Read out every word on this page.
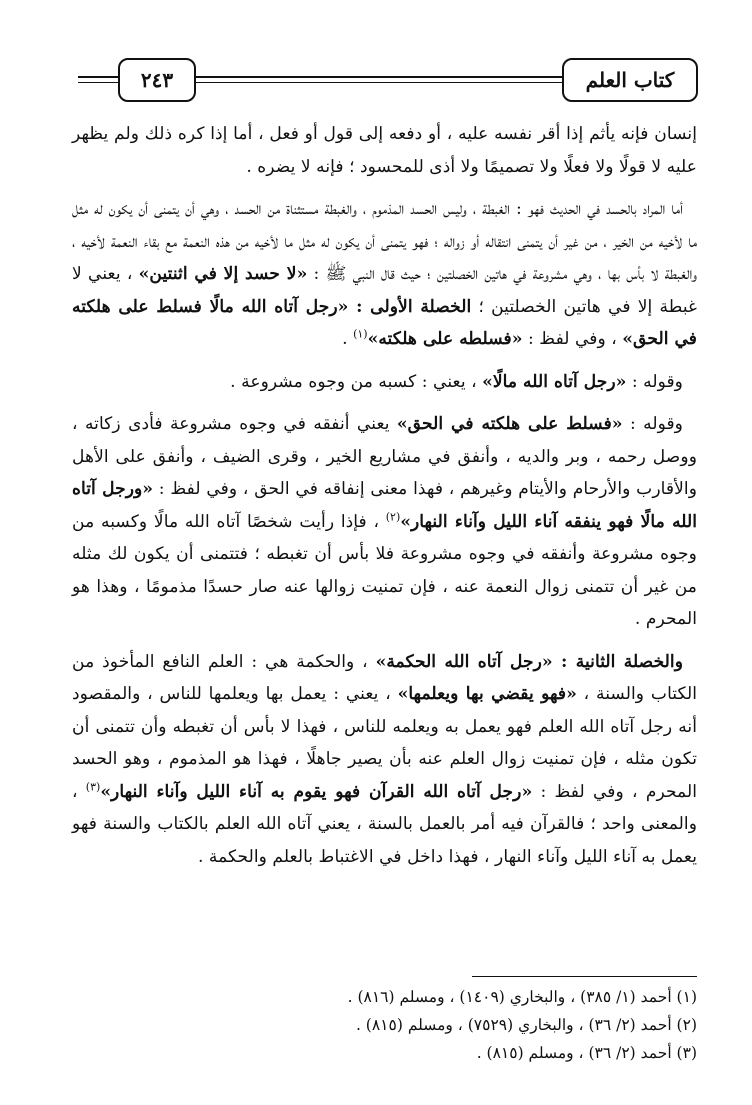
كتاب العلم
٢٤٣

إنسان فإنه يأثم إذا أقر نفسه عليه ، أو دفعه إلى قول أو فعل ، أما إذا كره ذلك ولم يظهر عليه لا قولًا ولا فعلًا ولا تصميمًا ولا أذى للمحسود ؛ فإنه لا يضره .

أما المراد بالحسد في الحديث فهو : الغبطة ، وليس الحسد المذموم ، والغبطة مستثناة من الحسد ، وهي أن يتمنى أن يكون له مثل ما لأخيه من الخير ، من غير أن يتمنى انتقاله أو زواله ؛ فهو يتمنى أن يكون له مثل ما لأخيه من هذه النعمة مع بقاء النعمة لأخيه ، والغبطة لا بأس بها ، وهي مشروعة في هاتين الخصلتين ؛ حيث قال النبي ﷺ : «لا حسد إلا في اثنتين» ، يعني لا غبطة إلا في هاتين الخصلتين ؛ الخصلة الأولى : «رجل آتاه الله مالًا فسلط على هلكته في الحق» ، وفي لفظ : «فسلطه على هلكته»$^{(١)}$ .

وقوله : «رجل آتاه الله مالًا» ، يعني : كسبه من وجوه مشروعة .

وقوله : «فسلط على هلكته في الحق» يعني أنفقه في وجوه مشروعة فأدى زكاته ، ووصل رحمه ، وبر والديه ، وأنفق في مشاريع الخير ، وقرى الضيف ، وأنفق على الأهل والأقارب والأرحام والأيتام وغيرهم ، فهذا معنى إنفاقه في الحق ، وفي لفظ : «ورجل آتاه الله مالًا فهو ينفقه آناء الليل وآناء النهار»$^{(٢)}$ ، فإذا رأيت شخصًا آتاه الله مالًا وكسبه من وجوه مشروعة وأنفقه في وجوه مشروعة فلا بأس أن تغبطه ؛ فتتمنى أن يكون لك مثله من غير أن تتمنى زوال النعمة عنه ، فإن تمنيت زوالها عنه صار حسدًا مذمومًا ، وهذا هو المحرم .

والخصلة الثانية : «رجل آتاه الله الحكمة» ، والحكمة هي : العلم النافع المأخوذ من الكتاب والسنة ، «فهو يقضي بها ويعلمها» ، يعني : يعمل بها ويعلمها للناس ، والمقصود أنه رجل آتاه الله العلم فهو يعمل به ويعلمه للناس ، فهذا لا بأس أن تغبطه وأن تتمنى أن تكون مثله ، فإن تمنيت زوال العلم عنه بأن يصير جاهلًا ، فهذا هو المذموم ، وهو الحسد المحرم ، وفي لفظ : «رجل آتاه الله القرآن فهو يقوم به آناء الليل وآناء النهار»$^{(٣)}$ ، والمعنى واحد ؛ فالقرآن فيه أمر بالعمل بالسنة ، يعني آتاه الله العلم بالكتاب والسنة فهو يعمل به آناء الليل وآناء النهار ، فهذا داخل في الاغتباط بالعلم والحكمة .

(١) أحمد (١/ ٣٨٥) ، والبخاري (١٤٠٩) ، ومسلم (٨١٦) .

(٢) أحمد (٢/ ٣٦) ، والبخاري (٧٥٢٩) ، ومسلم (٨١٥) .

(٣) أحمد (٢/ ٣٦) ، ومسلم (٨١٥) .
